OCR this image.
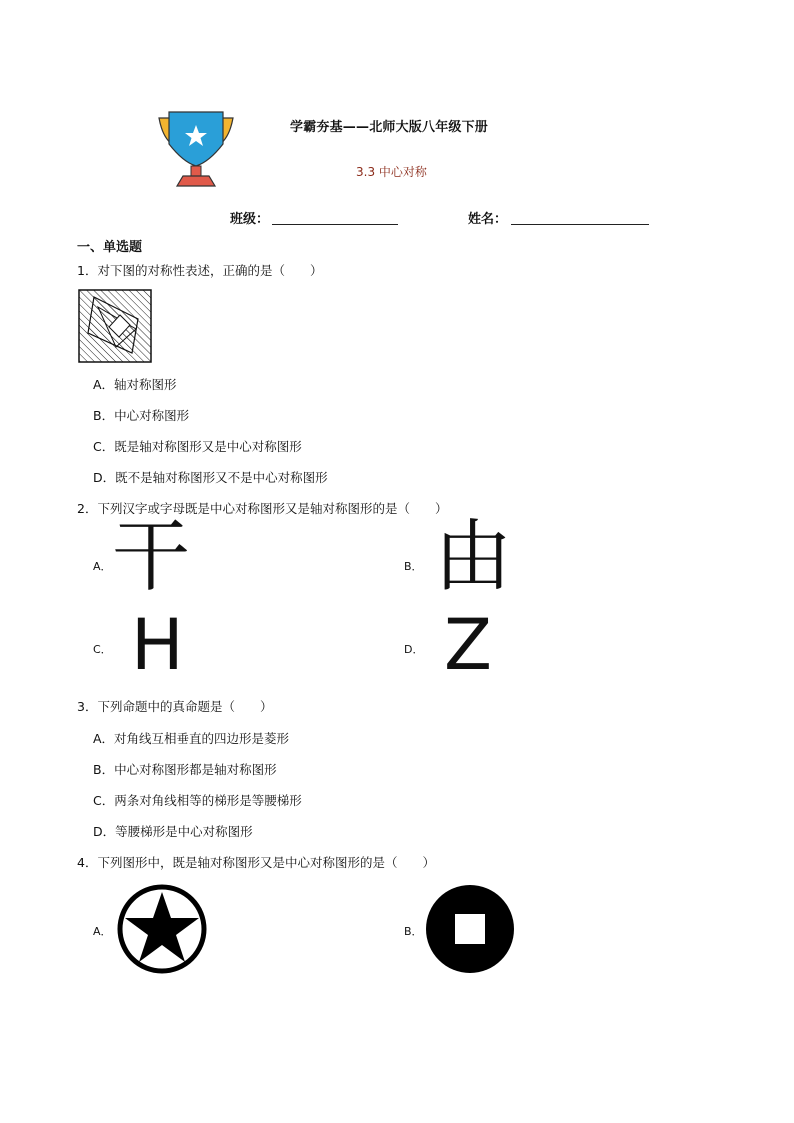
学霸夯基——北师大版八年级下册
3.3 中心对称
班级：	姓名：
一、单选题
1．对下图的对称性表述，正确的是（　　）
A．轴对称图形
B．中心对称图形
C．既是轴对称图形又是中心对称图形
D．既不是轴对称图形又不是中心对称图形
2．下列汉字或字母既是中心对称图形又是轴对称图形的是（　　）
A． 干	B． 由
C． H	D． Z
3．下列命题中的真命题是（　　）
A．对角线互相垂直的四边形是菱形
B．中心对称图形都是轴对称图形
C．两条对角线相等的梯形是等腰梯形
D．等腰梯形是中心对称图形
4．下列图形中，既是轴对称图形又是中心对称图形的是（　　）
A．	B．
